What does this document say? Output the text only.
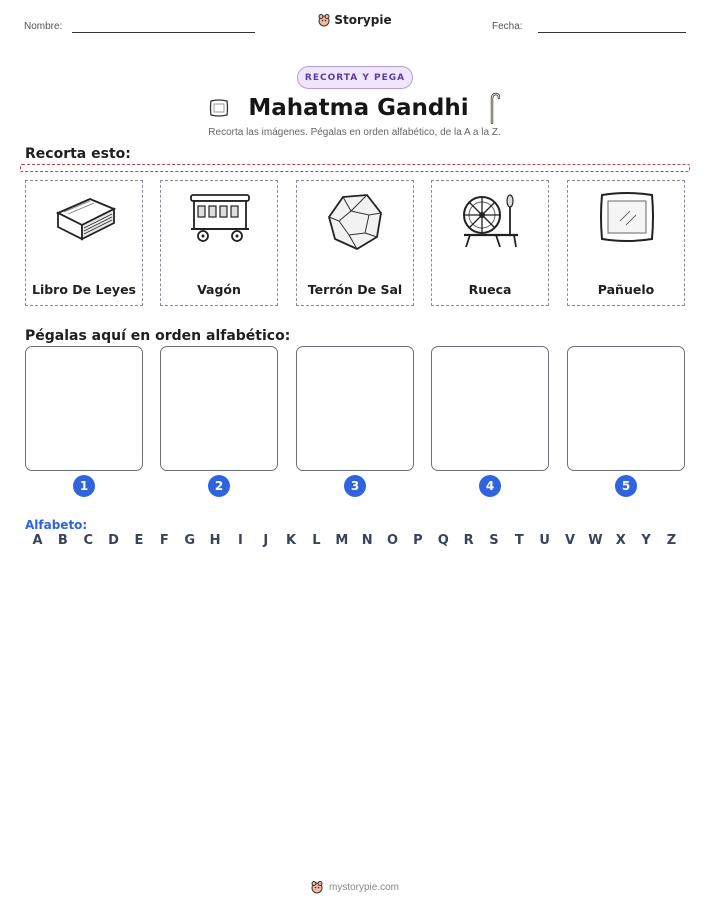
Nombre:	Storypie	Fecha:
RECORTA Y PEGA
Mahatma Gandhi
Recorta las imágenes. Pégalas en orden alfabético, de la A a la Z.
Recorta esto:
Libro De Leyes	Vagón	Terrón De Sal	Rueca	Pañuelo
Pégalas aquí en orden alfabético:
1	2	3	4	5
Alfabeto:
A	B	C	D	E	F	G	H	I	J	K	L	M	N	O	P	Q	R	S	T	U	V	W	X	Y	Z
mystorypie.com
